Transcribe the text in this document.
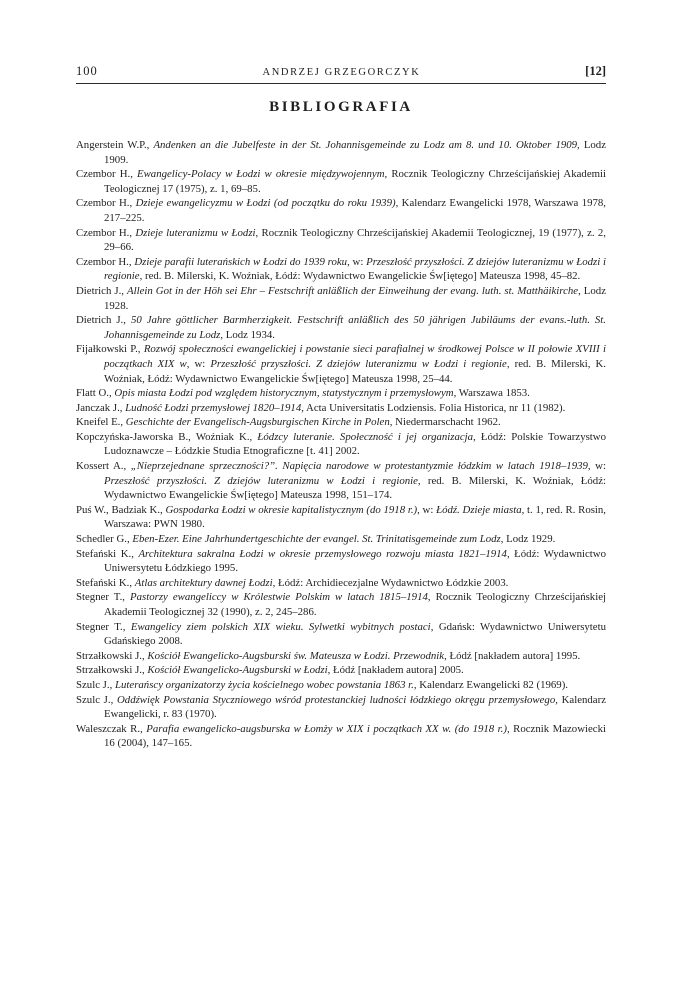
100	ANDRZEJ GRZEGORCZYK	[12]
BIBLIOGRAFIA

Angerstein W.P., Andenken an die Jubelfeste in der St. Johannisgemeinde zu Lodz am 8. und 10. Oktober 1909, Lodz 1909.

Czembor H., Ewangelicy-Polacy w Łodzi w okresie międzywojennym, Rocznik Teologiczny Chrześcijańskiej Akademii Teologicznej 17 (1975), z. 1, 69–85.

Czembor H., Dzieje ewangelicyzmu w Łodzi (od początku do roku 1939), Kalendarz Ewangelicki 1978, Warszawa 1978, 217–225.

Czembor H., Dzieje luteranizmu w Łodzi, Rocznik Teologiczny Chrześcijańskiej Akademii Teologicznej, 19 (1977), z. 2, 29–66.

Czembor H., Dzieje parafii luterańskich w Łodzi do 1939 roku, w: Przeszłość przyszłości. Z dziejów luteranizmu w Łodzi i regionie, red. B. Milerski, K. Woźniak, Łódź: Wydawnictwo Ewangelickie Św[iętego] Mateusza 1998, 45–82.

Dietrich J., Allein Got in der Höh sei Ehr – Festschrift anläßlich der Einweihung der evang. luth. st. Matthäikirche, Lodz 1928.

Dietrich J., 50 Jahre göttlicher Barmherzigkeit. Festschrift anläßlich des 50 jährigen Jubiläums der evans.-luth. St. Johannisgemeinde zu Lodz, Lodz 1934.

Fijałkowski P., Rozwój społeczności ewangelickiej i powstanie sieci parafialnej w środkowej Polsce w II połowie XVIII i początkach XIX w, w: Przeszłość przyszłości. Z dziejów luteranizmu w Łodzi i regionie, red. B. Milerski, K. Woźniak, Łódź: Wydawnictwo Ewangelickie Św[iętego] Mateusza 1998, 25–44.

Flatt O., Opis miasta Łodzi pod względem historycznym, statystycznym i przemysłowym, Warszawa 1853.

Janczak J., Ludność Łodzi przemysłowej 1820–1914, Acta Universitatis Lodziensis. Folia Historica, nr 11 (1982).

Kneifel E., Geschichte der Evangelisch-Augsburgischen Kirche in Polen, Niedermarschacht 1962.

Kopczyńska-Jaworska B., Woźniak K., Łódzcy luteranie. Społeczność i jej organizacja, Łódź: Polskie Towarzystwo Ludoznawcze – Łódzkie Studia Etnograficzne [t. 41] 2002.

Kossert A., „Nieprzejednane sprzeczności?”. Napięcia narodowe w protestantyzmie łódzkim w latach 1918–1939, w: Przeszłość przyszłości. Z dziejów luteranizmu w Łodzi i regionie, red. B. Milerski, K. Woźniak, Łódź: Wydawnictwo Ewangelickie Św[iętego] Mateusza 1998, 151–174.

Puś W., Badziak K., Gospodarka Łodzi w okresie kapitalistycznym (do 1918 r.), w: Łódź. Dzieje miasta, t. 1, red. R. Rosin, Warszawa: PWN 1980.

Schedler G., Eben-Ezer. Eine Jahrhundertgeschichte der evangel. St. Trinitatisgemeinde zum Lodz, Lodz 1929.

Stefański K., Architektura sakralna Łodzi w okresie przemysłowego rozwoju miasta 1821–1914, Łódź: Wydawnictwo Uniwersytetu Łódzkiego 1995.

Stefański K., Atlas architektury dawnej Łodzi, Łódź: Archidiecezjalne Wydawnictwo Łódzkie 2003.

Stegner T., Pastorzy ewangeliccy w Królestwie Polskim w latach 1815–1914, Rocznik Teologiczny Chrześcijańskiej Akademii Teologicznej 32 (1990), z. 2, 245–286.

Stegner T., Ewangelicy ziem polskich XIX wieku. Sylwetki wybitnych postaci, Gdańsk: Wydawnictwo Uniwersytetu Gdańskiego 2008.

Strzałkowski J., Kościół Ewangelicko-Augsburski św. Mateusza w Łodzi. Przewodnik, Łódź [nakładem autora] 1995.

Strzałkowski J., Kościół Ewangelicko-Augsburski w Łodzi, Łódź [nakładem autora] 2005.

Szulc J., Luterańscy organizatorzy życia kościelnego wobec powstania 1863 r., Kalendarz Ewangelicki 82 (1969).

Szulc J., Oddźwięk Powstania Styczniowego wśród protestanckiej ludności łódzkiego okręgu przemysłowego, Kalendarz Ewangelicki, r. 83 (1970).

Waleszczak R., Parafia ewangelicko-augsburska w Łomży w XIX i początkach XX w. (do 1918 r.), Rocznik Mazowiecki 16 (2004), 147–165.
